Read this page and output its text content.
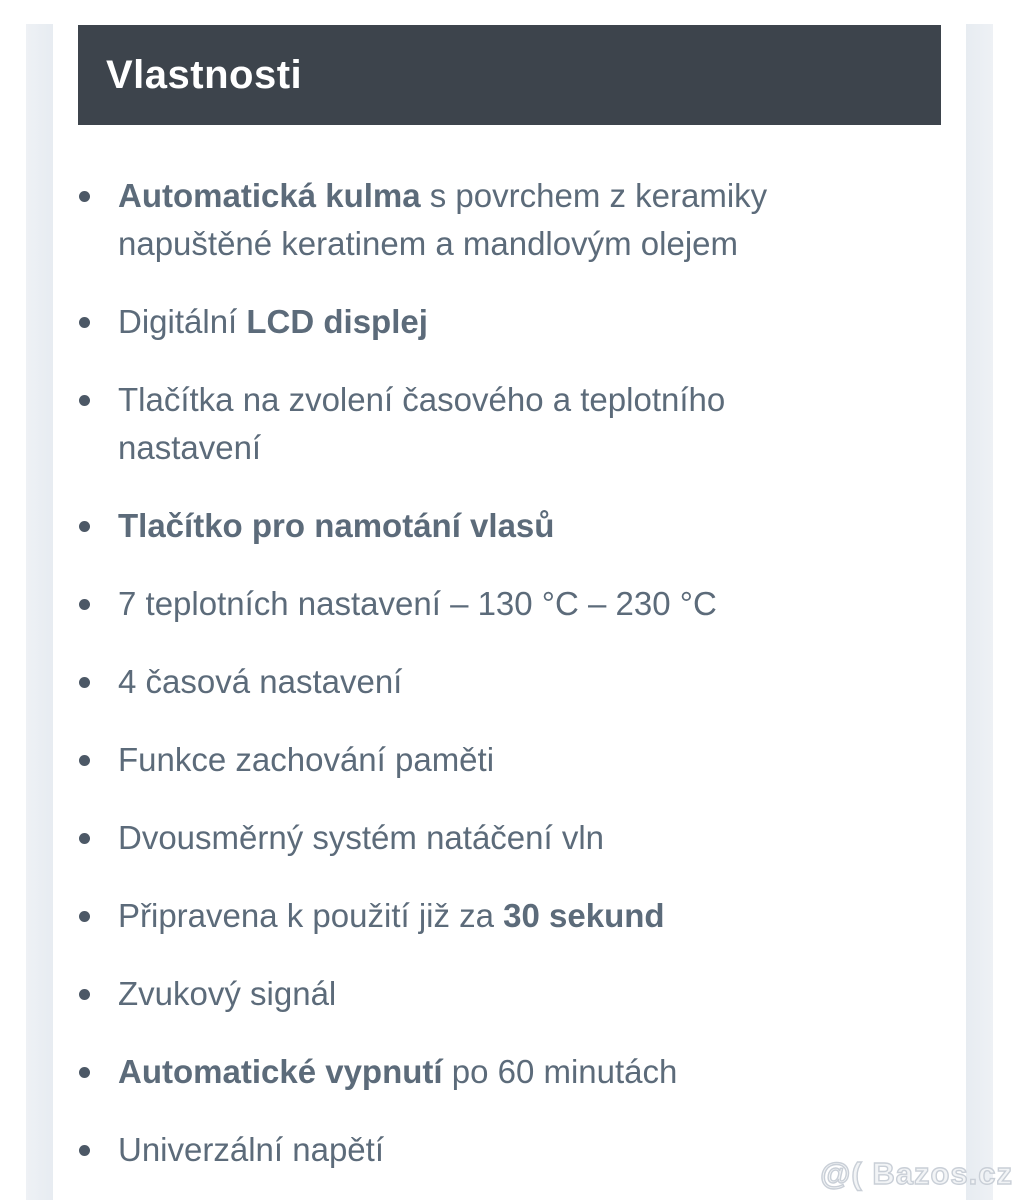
Vlastnosti
Automatická kulma s povrchem z keramiky napuštěné keratinem a mandlovým olejem
Digitální LCD displej
Tlačítka na zvolení časového a teplotního nastavení
Tlačítko pro namotání vlasů
7 teplotních nastavení – 130 °C – 230 °C
4 časová nastavení
Funkce zachování paměti
Dvousměrný systém natáčení vln
Připravena k použití již za 30 sekund
Zvukový signál
Automatické vypnutí po 60 minutách
Univerzální napětí
@( Bazos.cz
